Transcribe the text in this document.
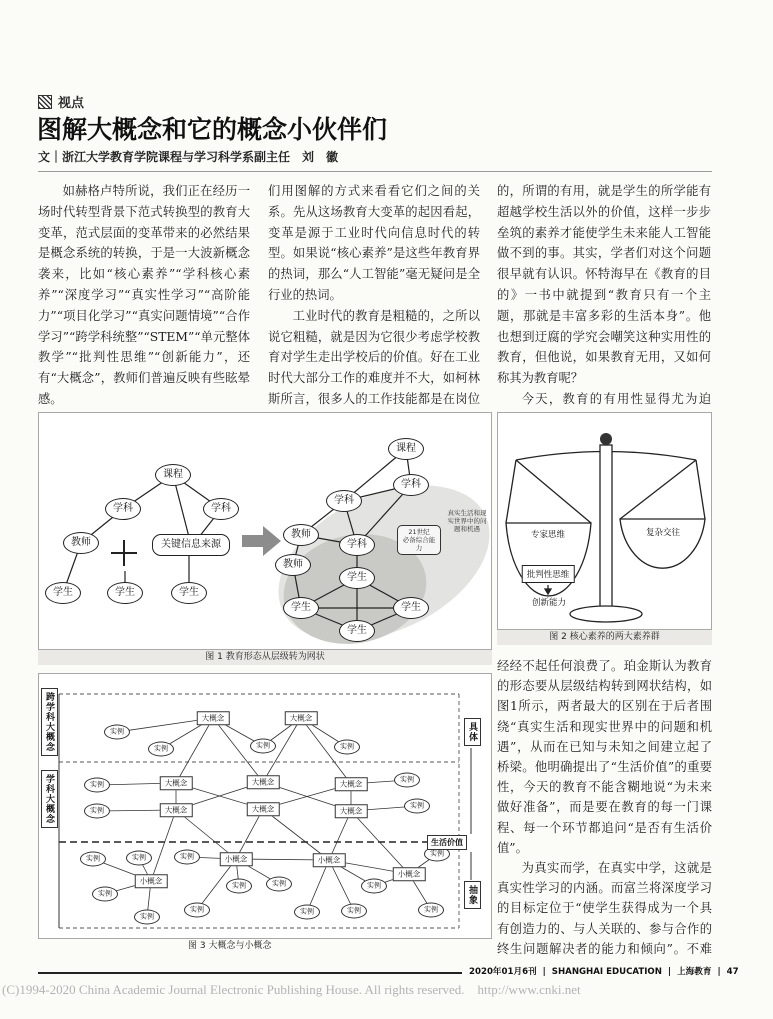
视点
图解大概念和它的概念小伙伴们
文｜浙江大学教育学院课程与学习科学系副主任　刘　徽

如赫格卢特所说，我们正在经历一场时代转型背景下范式转换型的教育大变革，范式层面的变革带来的必然结果是概念系统的转换，于是一大波新概念袭来，比如“核心素养”“学科核心素养”“深度学习”“真实性学习”“高阶能力”“项目化学习”“真实问题情境”“合作学习”“跨学科统整”“STEM”“单元整体教学”“批判性思维”“创新能力”，还有“大概念”，教师们普遍反映有些眩晕感。

们用图解的方式来看看它们之间的关系。先从这场教育大变革的起因看起，变革是源于工业时代向信息时代的转型。如果说“核心素养”是这些年教育界的热词，那么“人工智能”毫无疑问是全行业的热词。

工业时代的教育是粗糙的，之所以说它粗糙，就是因为它很少考虑学校教育对学生走出学校后的价值。好在工业时代大部分工作的难度并不大，如柯林斯所言，很多人的工作技能都是在岗位

的，所谓的有用，就是学生的所学能有超越学校生活以外的价值，这样一步步垒筑的素养才能使学生未来能人工智能做不到的事。其实，学者们对这个问题很早就有认识。怀特海早在《教育的目的》一书中就提到“教育只有一个主题，那就是丰富多彩的生活本身”。他也想到迂腐的学究会嘲笑这种实用性的教育，但他说，如果教育无用，又如何称其为教育呢？

今天，教育的有用性显得尤为迫

课程
学科	学科
教师	关键信息来源
学生	学生	学生
课程
学科
学科
教师
教师
学科
学生
学生	学生
学生
21世纪
必备综合能力
真实生活和现实世界中的问题和机遇
图 1 教育形态从层级转为网状
专家思维
批判性思维
创新能力
复杂交往
图 2 核心素养的两大素养群
大概念	大概念
实例
实例	实例	实例
大概念	大概念	大概念
大概念	大概念	大概念
实例
实例
实例
实例
小概念
小概念	小概念
小概念
实例	实例	实例
实例
实例
实例
实例	实例
实例	实例
实例
实例
实例
跨学科大概念
学科大概念
具体
生活价值
抽象
图 3 大概念与小概念

经经不起任何浪费了。珀金斯认为教育的形态要从层级结构转到网状结构，如图1所示，两者最大的区别在于后者围绕“真实生活和现实世界中的问题和机遇”，从而在已知与未知之间建立起了桥梁。他明确提出了“生活价值”的重要性，今天的教育不能含糊地说“为未来做好准备”，而是要在教育的每一门课程、每一个环节都追问“是否有生活价值”。

为真实而学，在真实中学，这就是真实性学习的内涵。而富兰将深度学习的目标定位于“使学生获得成为一个具有创造力的、与人关联的、参与合作的终生问题解决者的能力和倾向”。不难

2020年01月6刊 | SHANGHAI EDUCATION | 上海教育 | 47
(C)1994-2020 China Academic Journal Electronic Publishing House. All rights reserved.    http://www.cnki.net
